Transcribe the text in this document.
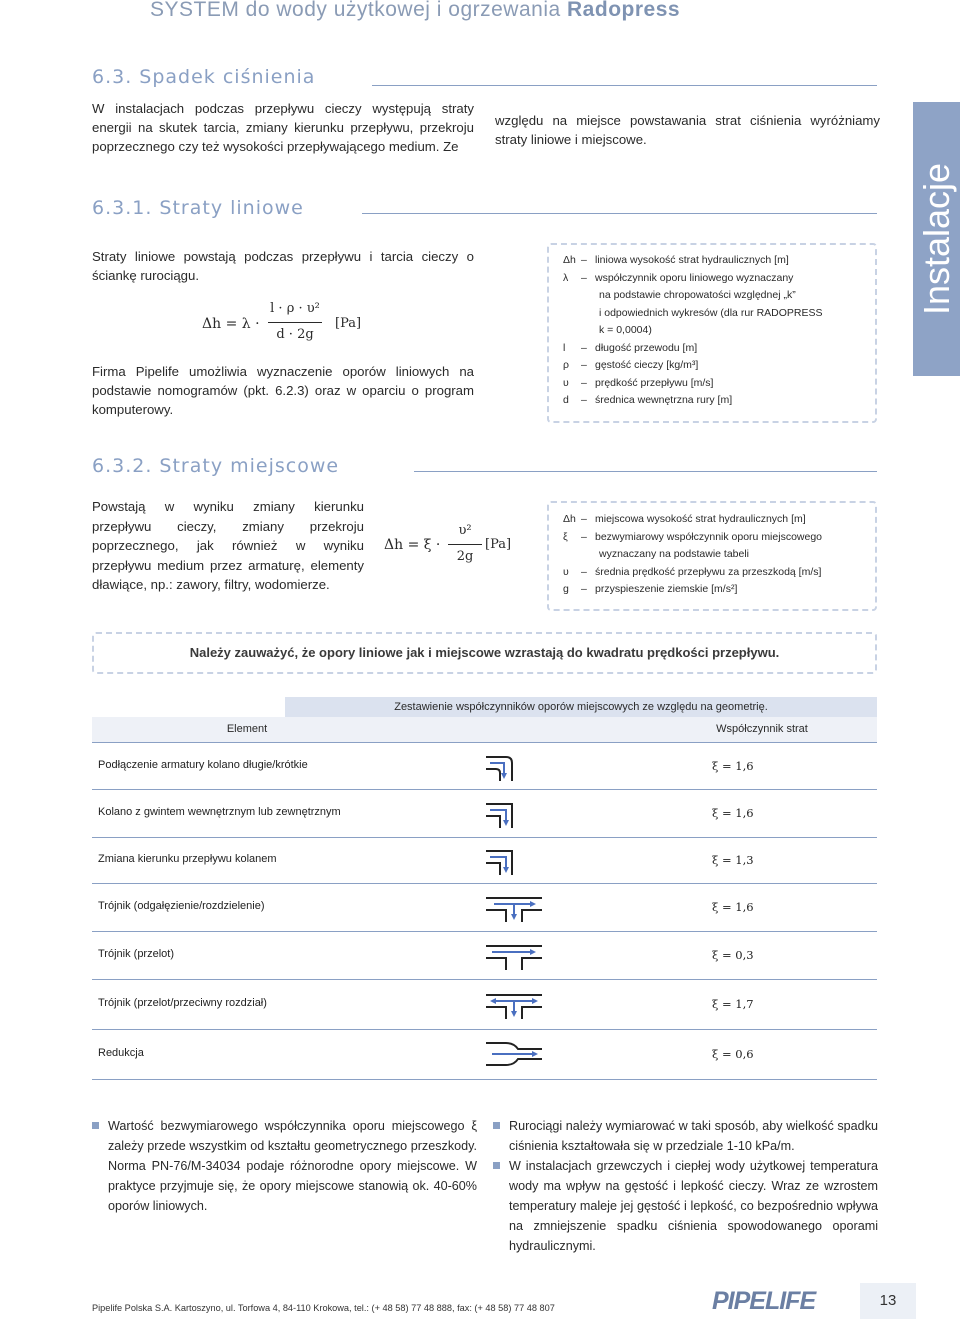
SYSTEM do wody użytkowej i ogrzewania Radopress
Instalacje
6.3. Spadek ciśnienia
W instalacjach podczas przepływu cieczy występują straty energii na skutek tarcia, zmiany kierunku przepływu, przekroju poprzecznego czy też wysokości przepływającego medium. Ze
względu na miejsce powstawania strat ciśnienia wyróżniamy straty liniowe i miejscowe.
6.3.1. Straty liniowe
Straty liniowe powstają podczas przepływu i tarcia cieczy o ściankę rurociągu.
Δh = λ ·
l · ρ · υ²
d · 2g
[Pa]
Firma Pipelife umożliwia wyznaczenie oporów liniowych na podstawie nomogramów (pkt. 6.2.3) oraz w oparciu o program komputerowy.
Δh – liniowa wysokość strat hydraulicznych [m]
λ – współczynnik oporu liniowego wyznaczany
na podstawie chropowatości względnej „k”
i odpowiednich wykresów (dla rur RADOPRESS
k = 0,0004)
l – długość przewodu [m]
ρ – gęstość cieczy [kg/m³]
υ – prędkość przepływu [m/s]
d – średnica wewnętrzna rury [m]
6.3.2. Straty miejscowe
Powstają w wyniku zmiany kierunku przepływu cieczy, zmiany przekroju poprzecznego, jak również w wyniku przepływu medium przez armaturę, elementy dławiące, np.: zawory, filtry, wodomierze.
Δh = ξ ·
υ²
2g
[Pa]
Δh – miejscowa wysokość strat hydraulicznych [m]
ξ – bezwymiarowy współczynnik oporu miejscowego
wyznaczany na podstawie tabeli
υ – średnia prędkość przepływu za przeszkodą [m/s]
g – przyspieszenie ziemskie [m/s²]
Należy zauważyć, że opory liniowe jak i miejscowe wzrastają do kwadratu prędkości przepływu.
Zestawienie współczynników oporów miejscowych ze względu na geometrię.
Element	Współczynnik strat
Podłączenie armatury kolano długie/krótkie	ξ = 1,6
Kolano z gwintem wewnętrznym lub zewnętrznym	ξ = 1,6
Zmiana kierunku przepływu kolanem	ξ = 1,3
Trójnik (odgałęzienie/rozdzielenie)	ξ = 1,6
Trójnik (przelot)	ξ = 0,3
Trójnik (przelot/przeciwny rozdział)	ξ = 1,7
Redukcja	ξ = 0,6
Wartość bezwymiarowego współczynnika oporu miejscowego ξ zależy przede wszystkim od kształtu geometrycznego przeszkody. Norma PN-76/M-34034 podaje różnorodne opory miejscowe. W praktyce przyjmuje się, że opory miejscowe stanowią ok. 40-60% oporów liniowych.
Rurociągi należy wymiarować w taki sposób, aby wielkość spadku ciśnienia kształtowała się w przedziale 1-10 kPa/m.
W instalacjach grzewczych i ciepłej wody użytkowej temperatura wody ma wpływ na gęstość i lepkość cieczy. Wraz ze wzrostem temperatury maleje jej gęstość i lepkość, co bezpośrednio wpływa na zmniejszenie spadku ciśnienia spowodowanego oporami hydraulicznymi.
Pipelife Polska S.A. Kartoszyno, ul. Torfowa 4, 84-110 Krokowa, tel.: (+ 48 58) 77 48 888, fax: (+ 48 58) 77 48 807	PIPELIFE	13
